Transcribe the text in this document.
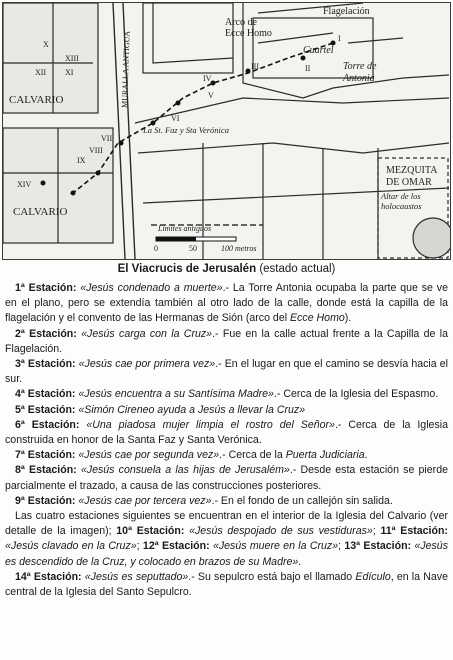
Arco de
Ecce Homo
Flagelación
Cuartel
Torre de
Antonia
MURALLA ANTIGUA
CALVARIO
CALVARIO
La St. Faz y Sta Verónica
MEZQUITA
DE OMAR
Altar de los
holocaustos
I
II
III
IV
V
VI
VII
VIII
IX
X
XI
XII
XIII
XIV
Límites antiguos
0	50	100 metros
El Viacrucis de Jerusalén (estado actual)

1ª Estación: «Jesús condenado a muerte».- La Torre Antonia ocupaba la parte que se ve en el plano, pero se extendía también al otro lado de la calle, donde está la capilla de la flagelación y el convento de las Hermanas de Sión (arco del Ecce Homo).

2ª Estación: «Jesús carga con la Cruz».- Fue en la calle actual frente a la Capilla de la Flagelación.

3ª Estación: «Jesús cae por primera vez».- En el lugar en que el camino se desvía hacia el sur.

4ª Estación: «Jesús encuentra a su Santísima Madre».- Cerca de la Iglesia del Espasmo.

5ª Estación: «Simón Cireneo ayuda a Jesús a llevar la Cruz»

6ª Estación: «Una piadosa mujer limpia el rostro del Señor».- Cerca de la Iglesia construida en honor de la Santa Faz y Santa Verónica.

7ª Estación: «Jesús cae por segunda vez».- Cerca de la Puerta Judiciaria.

8ª Estación: «Jesús consuela a las hijas de Jerusalém».- Desde esta estación se pierde parcialmente el trazado, a causa de las construcciones posteriores.

9ª Estación: «Jesús cae por tercera vez».- En el fondo de un callejón sin salida.

Las cuatro estaciones siguientes se encuentran en el interior de la Iglesia del Calvario (ver detalle de la imagen); 10ª Estación: «Jesús despojado de sus vestiduras»; 11ª Estación: «Jesús clavado en la Cruz»; 12ª Estación: «Jesús muere en la Cruz»; 13ª Estación: «Jesús es descendido de la Cruz, y colocado en brazos de su Madre».

14ª Estación: «Jesús es seputtado».- Su sepulcro está bajo el llamado Edículo, en la Nave central de la Iglesia del Santo Sepulcro.
